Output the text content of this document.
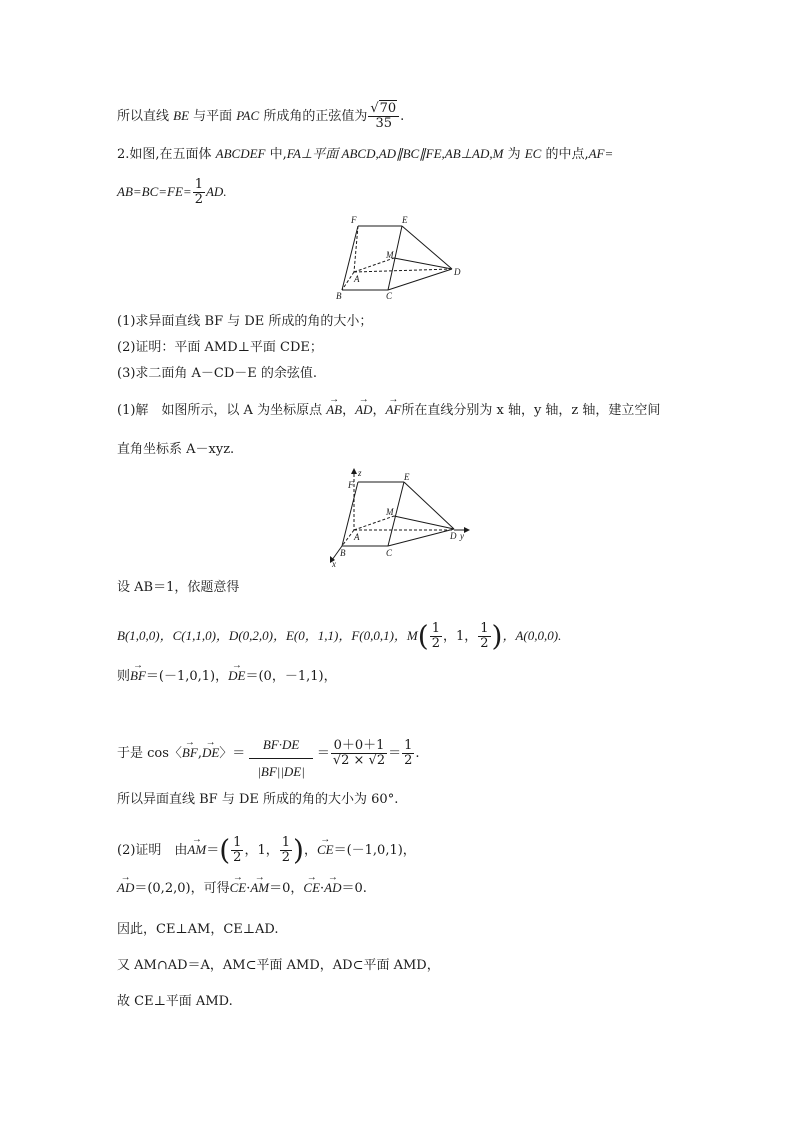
所以直线 BE 与平面 PAC 所成角的正弦值为 $\frac{√70}{35}$ .
2.如图,在五面体 ABCDEF 中,FA⊥平面 ABCD,AD∥BC∥FE,AB⊥AD,M 为 EC 的中点,AF=
$AB=BC=FE= \frac{1}{2}$ AD.
F	E
M
A
D
B	C
(1)求异面直线 BF 与 DE 所成的角的大小；
(2)证明：平面 AMD⊥平面 CDE；
(3)求二面角 A－CD－E 的余弦值.
(1)解　如图所示，以 A 为坐标原点 → AB，→ AD，→ AF所在直线分别为 x 轴，y 轴，z 轴，建立空间
直角坐标系 A－xyz.
z
F
E
M
A	D y
B	C
x
设 AB＝1，依题意得
B(1,0,0)，C(1,1,0)，D(0,2,0)，E(0，1,1)，F(0,0,1)，$M( \frac{1}{2}$ ，1， $\frac{1}{2}$ )，A(0,0,0).
则→ BF＝(－1,0,1)，→ DE＝(0，－1,1)，
于是 cos〈→ BF,→ DE〉＝ $\frac{BF\cdot DE}{|BF||DE|} = \frac{0+0+1}{√2 \times √2} = \frac{1}{2}$ .
所以异面直线 BF 与 DE 所成的角的大小为 60°.
(2)证明　由→ $AM=( \frac{1}{2}$ ，1， $\frac{1}{2}$ )，→ CE＝(－1,0,1)，
→ AD＝(0,2,0)，可得→ CE·→ AM＝0，→ CE·→ AD＝0.
因此，CE⊥AM，CE⊥AD.
又 AM∩AD＝A，AM⊂平面 AMD，AD⊂平面 AMD，
故 CE⊥平面 AMD.
